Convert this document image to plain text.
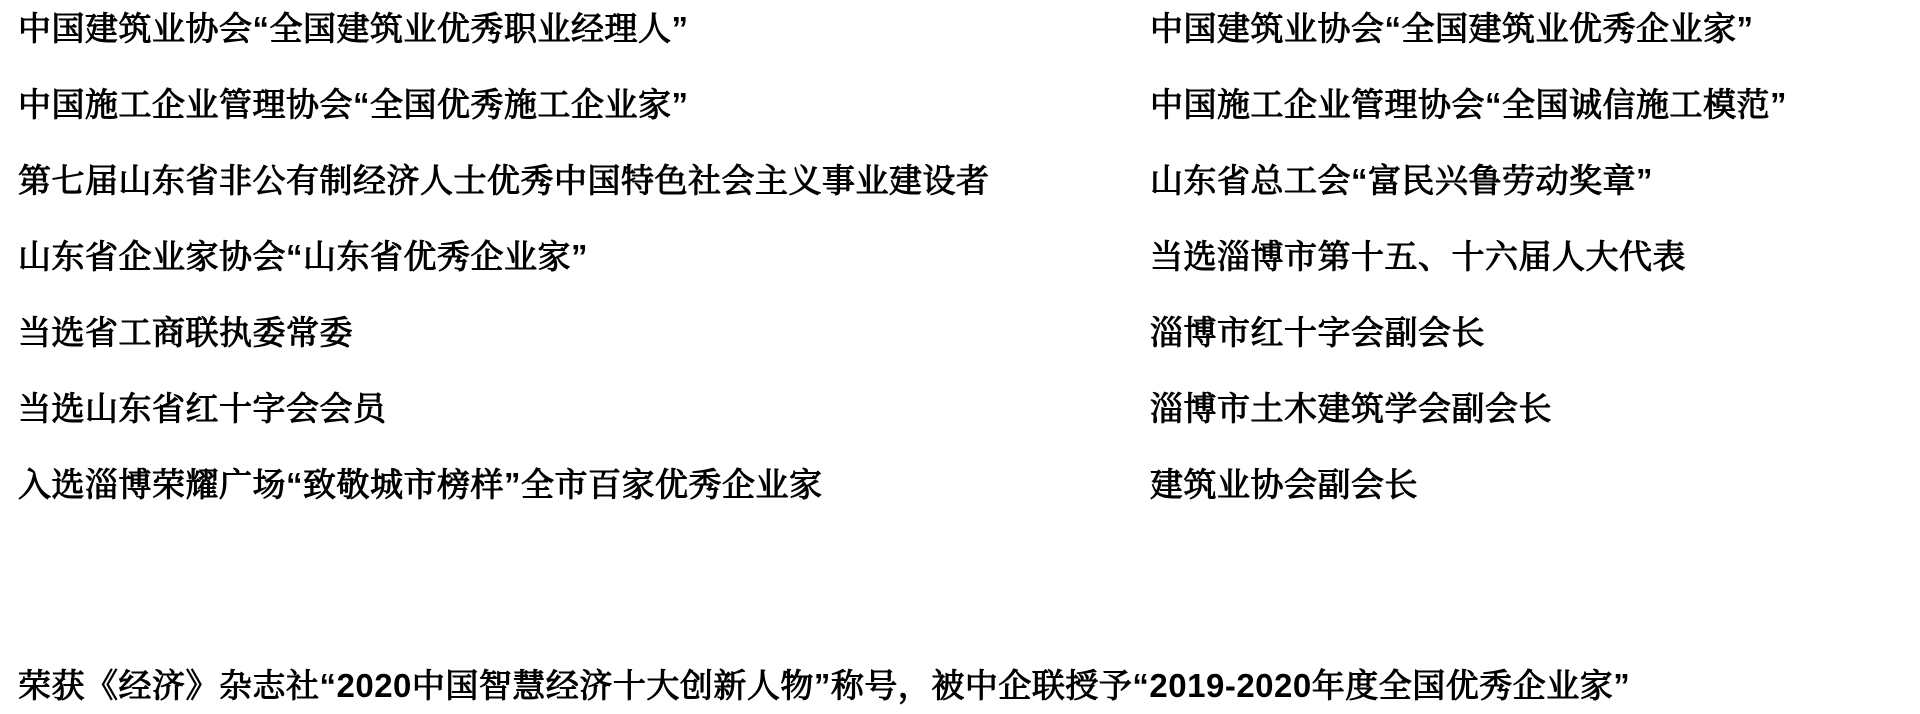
中国建筑业协会“全国建筑业优秀职业经理人”

中国施工企业管理协会“全国优秀施工企业家”

第七届山东省非公有制经济人士优秀中国特色社会主义事业建设者

山东省企业家协会“山东省优秀企业家”

当选省工商联执委常委

当选山东省红十字会会员

入选淄博荣耀广场“致敬城市榜样”全市百家优秀企业家

中国建筑业协会“全国建筑业优秀企业家”

中国施工企业管理协会“全国诚信施工模范”

山东省总工会“富民兴鲁劳动奖章”

当选淄博市第十五、十六届人大代表

淄博市红十字会副会长

淄博市土木建筑学会副会长

建筑业协会副会长

荣获《经济》杂志社“2020中国智慧经济十大创新人物”称号，被中企联授予“2019-2020年度全国优秀企业家”
